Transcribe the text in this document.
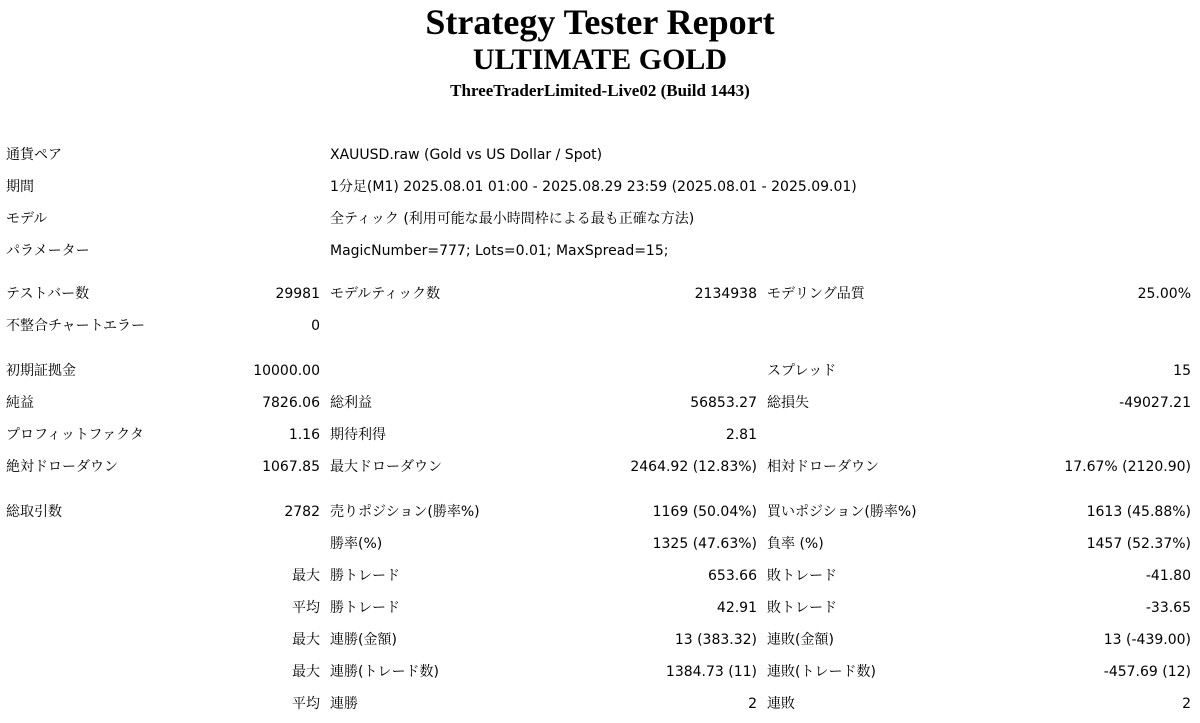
Strategy Tester Report
ULTIMATE GOLD
ThreeTraderLimited-Live02 (Build 1443)
通貨ペア	XAUUSD.raw (Gold vs US Dollar / Spot)
期間	1分足(M1) 2025.08.01 01:00 - 2025.08.29 23:59 (2025.08.01 - 2025.09.01)
モデル	全ティック (利用可能な最小時間枠による最も正確な方法)
パラメーター	MagicNumber=777; Lots=0.01; MaxSpread=15;
テストバー数	29981 モデルティック数	2134938 モデリング品質	25.00%
不整合チャートエラー	0
初期証拠金	10000.00	スプレッド	15
純益	7826.06 総利益	56853.27 総損失	-49027.21
プロフィットファクタ	1.16 期待利得	2.81
絶対ドローダウン	1067.85 最大ドローダウン	2464.92 (12.83%) 相対ドローダウン	17.67% (2120.90)
総取引数	2782 売りポジション(勝率%)	1169 (50.04%) 買いポジション(勝率%)	1613 (45.88%)
勝率(%)	1325 (47.63%) 負率 (%)	1457 (52.37%)
最大 勝トレード	653.66 敗トレード	-41.80
平均 勝トレード	42.91 敗トレード	-33.65
最大 連勝(金額)	13 (383.32) 連敗(金額)	13 (-439.00)
最大 連勝(トレード数)	1384.73 (11) 連敗(トレード数)	-457.69 (12)
平均 連勝	2 連敗	2
